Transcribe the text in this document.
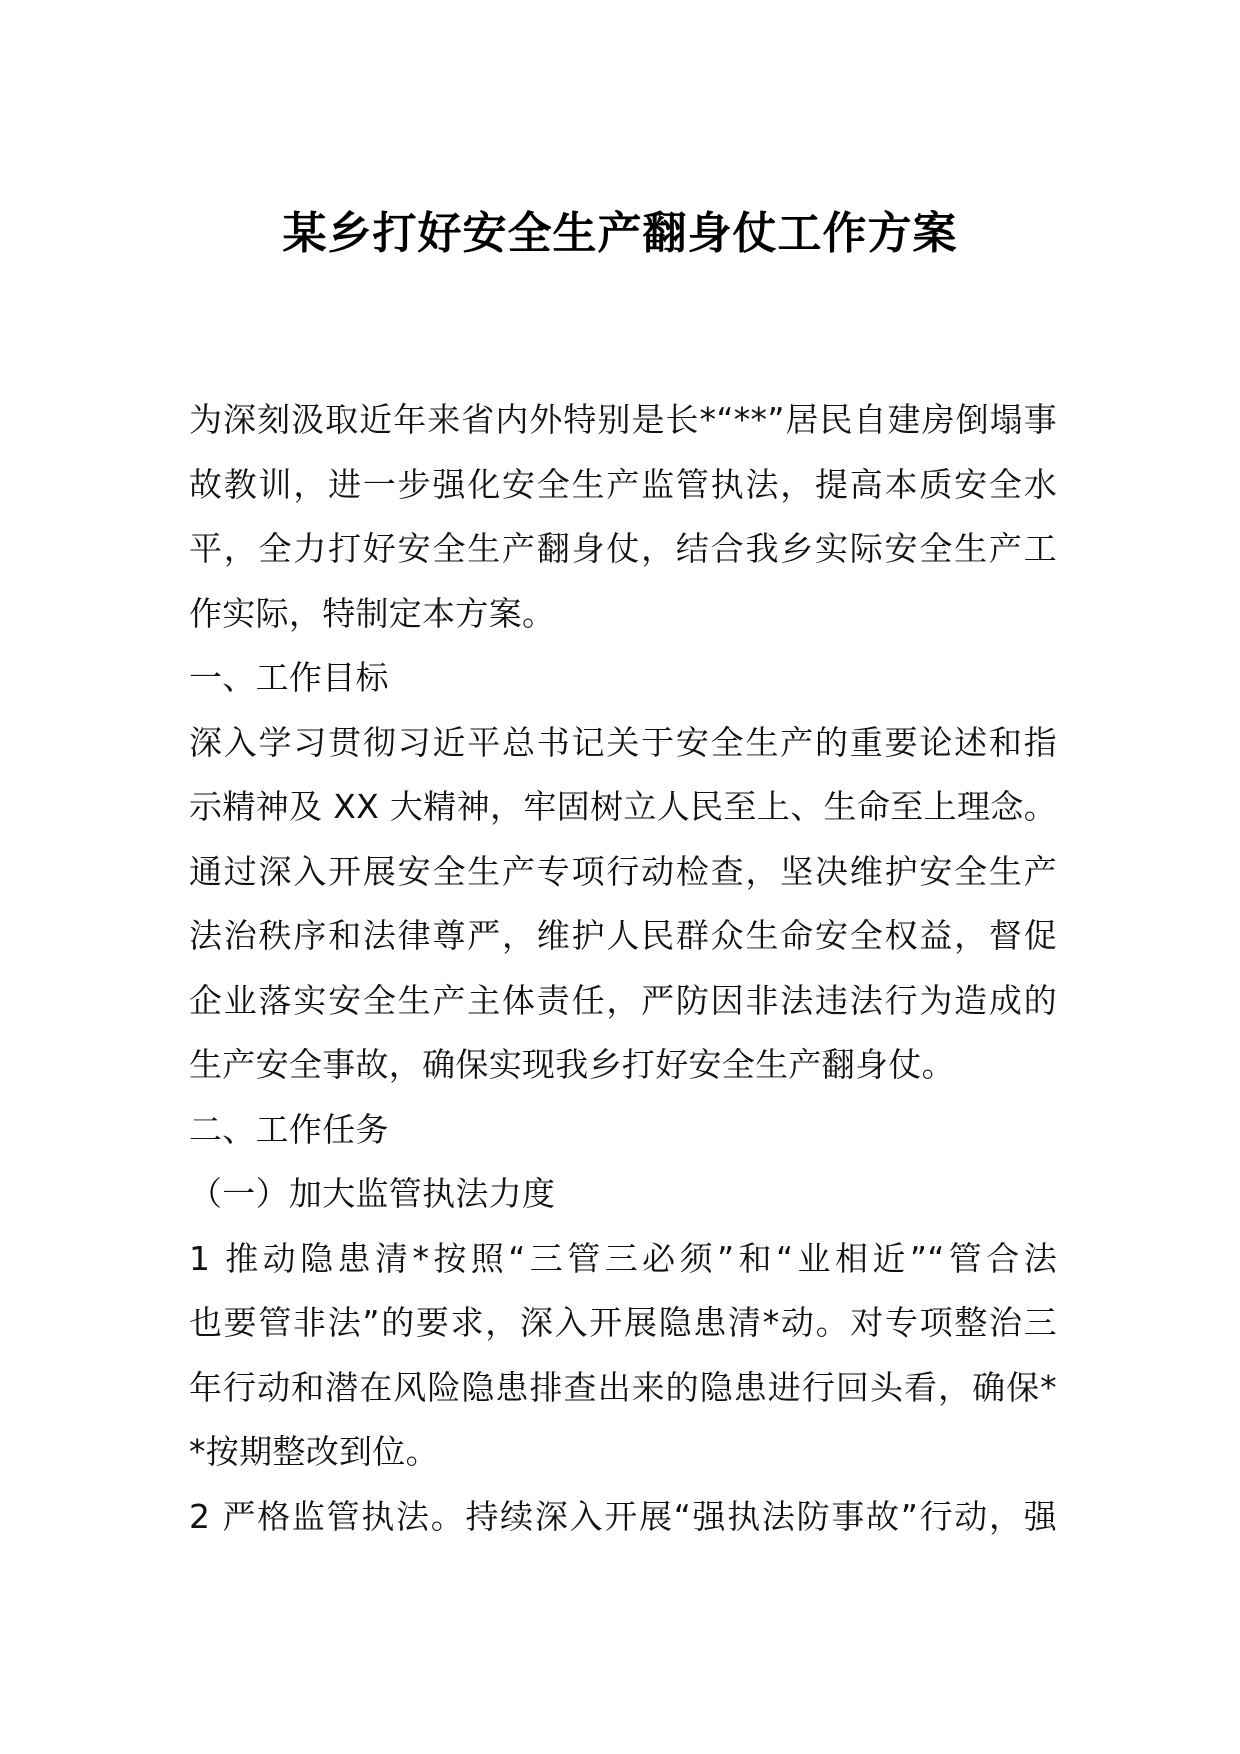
某乡打好安全生产翻身仗工作方案
为深刻汲取近年来省内外特别是长*“**”居民自建房倒塌事
故教训，进一步强化安全生产监管执法，提高本质安全水
平，全力打好安全生产翻身仗，结合我乡实际安全生产工
作实际，特制定本方案。
一、工作目标
深入学习贯彻习近平总书记关于安全生产的重要论述和指
示精神及 XX 大精神，牢固树立人民至上、生命至上理念。
通过深入开展安全生产专项行动检查，坚决维护安全生产
法治秩序和法律尊严，维护人民群众生命安全权益，督促
企业落实安全生产主体责任，严防因非法违法行为造成的
生产安全事故，确保实现我乡打好安全生产翻身仗。
二、工作任务
（一）加大监管执法力度
1 推动隐患清*按照“三管三必须”和“业相近”“管合法
也要管非法”的要求，深入开展隐患清*动。对专项整治三
年行动和潜在风险隐患排查出来的隐患进行回头看，确保*
*按期整改到位。
2 严格监管执法。持续深入开展“强执法防事故”行动，强
